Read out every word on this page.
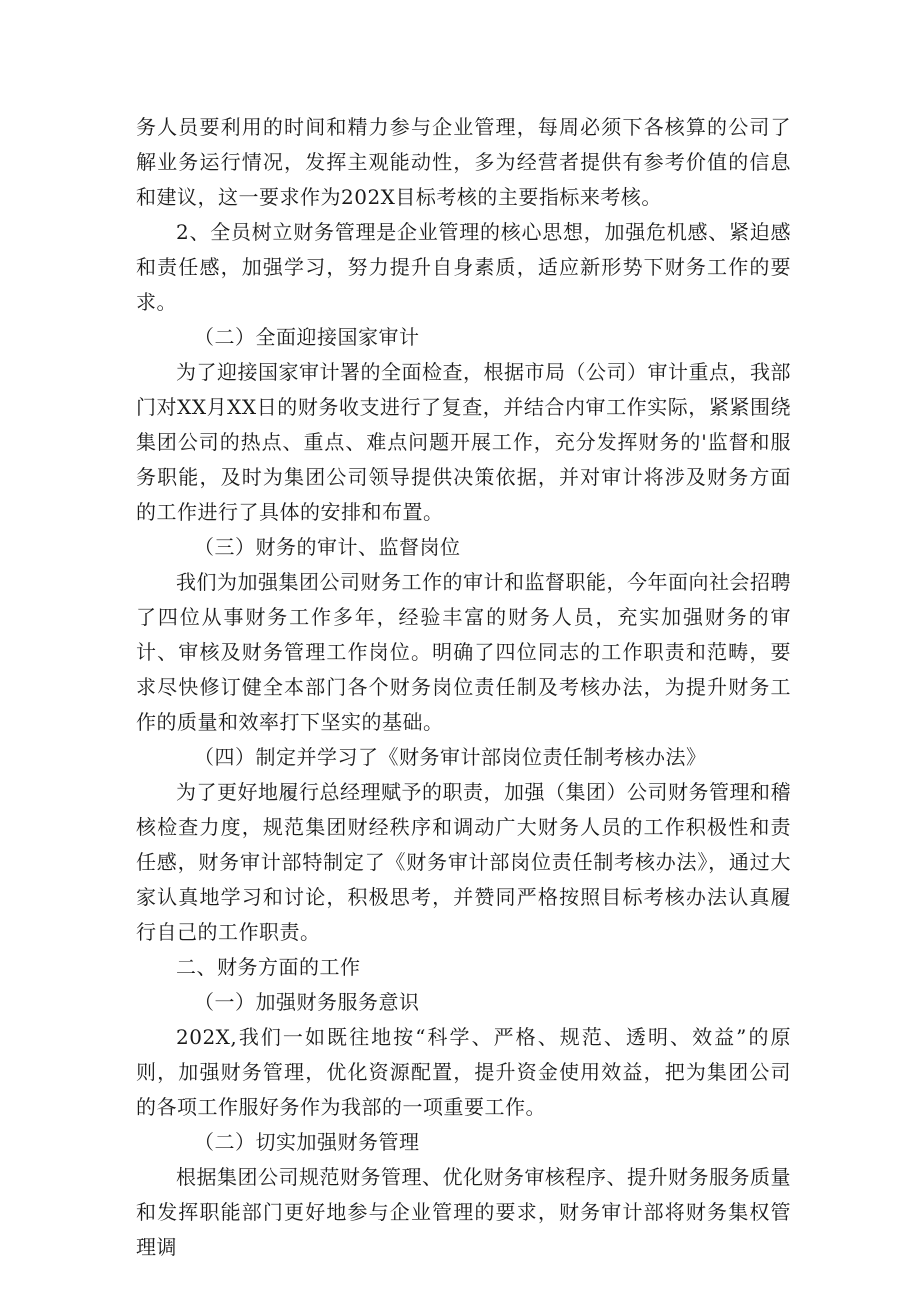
务人员要利用的时间和精力参与企业管理，每周必须下各核算的公司了解业务运行情况，发挥主观能动性，多为经营者提供有参考价值的信息和建议，这一要求作为202X目标考核的主要指标来考核。

2、全员树立财务管理是企业管理的核心思想，加强危机感、紧迫感和责任感，加强学习，努力提升自身素质，适应新形势下财务工作的要求。

（二）全面迎接国家审计

为了迎接国家审计署的全面检查，根据市局（公司）审计重点，我部门对XX月XX日的财务收支进行了复查，并结合内审工作实际，紧紧围绕集团公司的热点、重点、难点问题开展工作，充分发挥财务的'监督和服务职能，及时为集团公司领导提供决策依据，并对审计将涉及财务方面的工作进行了具体的安排和布置。

（三）财务的审计、监督岗位

我们为加强集团公司财务工作的审计和监督职能，今年面向社会招聘了四位从事财务工作多年，经验丰富的财务人员，充实加强财务的审计、审核及财务管理工作岗位。明确了四位同志的工作职责和范畴，要求尽快修订健全本部门各个财务岗位责任制及考核办法，为提升财务工作的质量和效率打下坚实的基础。

（四）制定并学习了《财务审计部岗位责任制考核办法》

为了更好地履行总经理赋予的职责，加强（集团）公司财务管理和稽核检查力度，规范集团财经秩序和调动广大财务人员的工作积极性和责任感，财务审计部特制定了《财务审计部岗位责任制考核办法》，通过大家认真地学习和讨论，积极思考，并赞同严格按照目标考核办法认真履行自己的工作职责。

二、财务方面的工作

（一）加强财务服务意识

202X,我们一如既往地按“科学、严格、规范、透明、效益”的原则，加强财务管理，优化资源配置，提升资金使用效益，把为集团公司的各项工作服好务作为我部的一项重要工作。

（二）切实加强财务管理

根据集团公司规范财务管理、优化财务审核程序、提升财务服务质量和发挥职能部门更好地参与企业管理的要求，财务审计部将财务集权管理调
